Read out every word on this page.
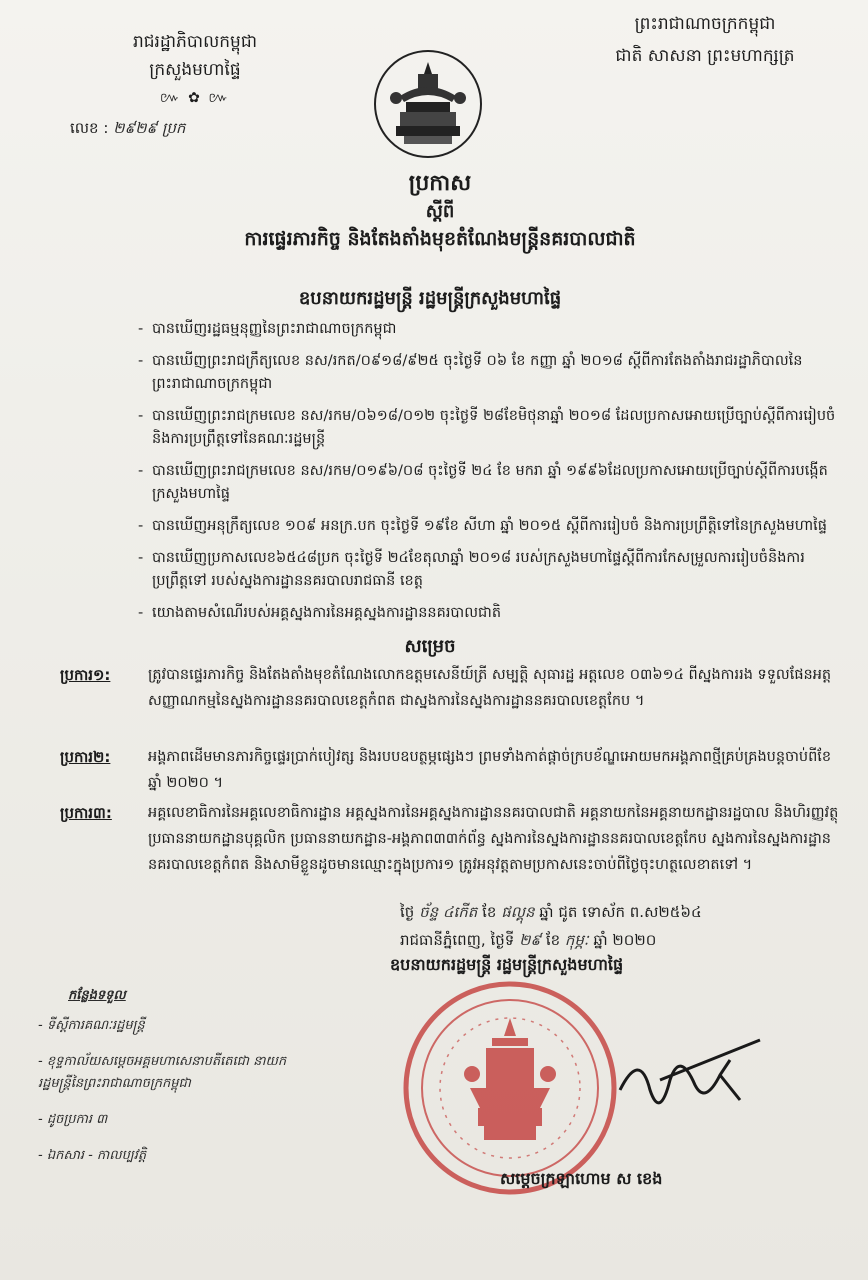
រាជរដ្ឋាភិបាលកម្ពុជា
ក្រសួងមហាផ្ទៃ
៚ ✿ ៚
លេខ : ២៩២៩ ប្រក
ព្រះរាជាណាចក្រកម្ពុជា
ជាតិ សាសនា ព្រះមហាក្សត្រ
ប្រកាស
ស្តីពី
ការផ្ទេរភារកិច្ច និងតែងតាំងមុខតំណែងមន្ត្រីនគរបាលជាតិ
ឧបនាយករដ្ឋមន្ត្រី រដ្ឋមន្ត្រីក្រសួងមហាផ្ទៃ
- បានឃើញរដ្ឋធម្មនុញ្ញនៃព្រះរាជាណាចក្រកម្ពុជា
- បានឃើញព្រះរាជក្រឹត្យលេខ នស/រកត/០៩១៨/៩២៥ ចុះថ្ងៃទី ០៦ ខែ កញ្ញា ឆ្នាំ ២០១៨ ស្តីពីការតែងតាំងរាជរដ្ឋាភិបាលនៃព្រះរាជាណាចក្រកម្ពុជា
- បានឃើញព្រះរាជក្រមលេខ នស/រកម/០៦១៨/០១២ ចុះថ្ងៃទី ២៨ខែមិថុនាឆ្នាំ ២០១៨ ដែលប្រកាសអោយប្រើច្បាប់ស្តីពីការរៀបចំ និងការប្រព្រឹត្តទៅនៃគណៈរដ្ឋមន្ត្រី
- បានឃើញព្រះរាជក្រមលេខ នស/រកម/០១៩៦/០៨ ចុះថ្ងៃទី ២៤ ខែ មករា ឆ្នាំ ១៩៩៦ដែលប្រកាសអោយប្រើច្បាប់ស្តីពីការបង្កើតក្រសួងមហាផ្ទៃ
- បានឃើញអនុក្រឹត្យលេខ ១០៩ អនក្រ.បក ចុះថ្ងៃទី ១៩ខែ សីហា ឆ្នាំ ២០១៥ ស្តីពីការរៀបចំ និងការប្រព្រឹត្តិទៅនៃក្រសួងមហាផ្ទៃ
- បានឃើញប្រកាសលេខ៦៥៤៨ប្រក ចុះថ្ងៃទី ២៤ខែតុលាឆ្នាំ ២០១៨ របស់ក្រសួងមហាផ្ទៃស្តីពីការកែសម្រួលការរៀបចំនិងការប្រព្រឹត្តទៅ របស់ស្នងការដ្ឋាននគរបាលរាជធានី ខេត្ត
- យោងតាមសំណើរបស់អគ្គស្នងការនៃអគ្គស្នងការដ្ឋាននគរបាលជាតិ
សម្រេច
ប្រការ១:	ត្រូវបានផ្ទេរភារកិច្ច និងតែងតាំងមុខតំណែងលោកឧត្តមសេនីយ៍ត្រី សម្បត្តិ សុធារដ្ឋ អត្តលេខ ០៣៦១៤ ពីស្នងការរង ទទួលផែនអត្តសញ្ញាណកម្មនៃស្នងការដ្ឋាននគរបាលខេត្តកំពត ជាស្នងការនៃស្នងការដ្ឋាននគរបាលខេត្តកែប ។
ប្រការ២:	អង្គភាពដើមមានភារកិច្ចផ្ទេរប្រាក់បៀវត្ស និងរបបឧបត្ថម្ភផ្សេងៗ ព្រមទាំងកាត់ផ្តាច់ក្របខ័ណ្ឌអោយមកអង្គភាពថ្មីគ្រប់គ្រងបន្តចាប់ពីខែ ឆ្នាំ ២០២០ ។
ប្រការ៣:	អគ្គលេខាធិការនៃអគ្គលេខាធិការដ្ឋាន អគ្គស្នងការនៃអគ្គស្នងការដ្ឋាននគរបាលជាតិ អគ្គនាយកនៃអគ្គនាយកដ្ឋានរដ្ឋបាល និងហិរញ្ញវត្ថុ ប្រធាននាយកដ្ឋានបុគ្គលិក ប្រធាននាយកដ្ឋាន-អង្គភាព៣៣ក់ព័ន្ធ ស្នងការនៃស្នងការដ្ឋាននគរបាលខេត្តកែប ស្នងការនៃស្នងការដ្ឋាននគរបាលខេត្តកំពត និងសាមីខ្លួនដូចមានឈ្មោះក្នុងប្រការ១ ត្រូវអនុវត្តតាមប្រកាសនេះចាប់ពីថ្ងៃចុះហត្ថលេខាតទៅ ។
ថ្ងៃ ច័ន្ទ ៤កើត ខែ ផល្គុន ឆ្នាំ ជូត ទោស័ក ព.ស២៥៦៤
រាជធានីភ្នំពេញ, ថ្ងៃទី ២៩ ខែ កុម្ភៈ ឆ្នាំ ២០២០
ឧបនាយករដ្ឋមន្ត្រី រដ្ឋមន្ត្រីក្រសួងមហាផ្ទៃ
កន្លែងទទួល
- ទីស្តីការគណៈរដ្ឋមន្ត្រី
- ខុទ្ទកាល័យសម្តេចអគ្គមហាសេនាបតីតេជោ នាយករដ្ឋមន្ត្រីនៃព្រះរាជាណាចក្រកម្ពុជា
- ដូចប្រការ ៣
- ឯកសារ - កាលប្បវត្តិ
សម្តេចក្រឡាហោម ស ខេង
